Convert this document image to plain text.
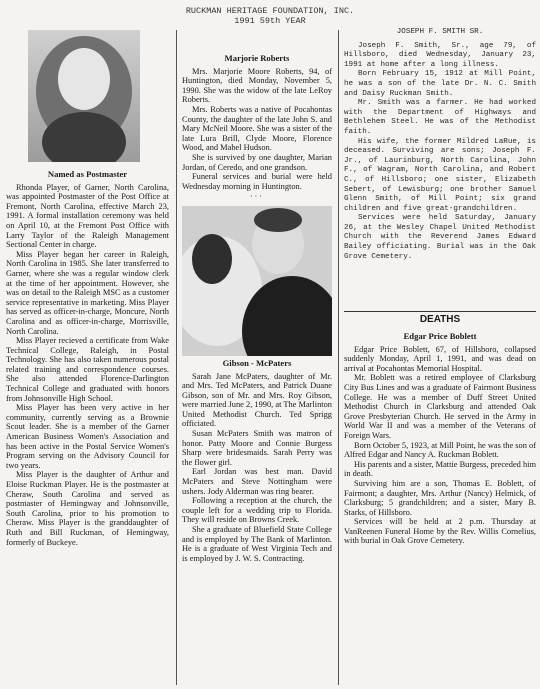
RUCKMAN HERITAGE FOUNDATION, INC.
1991 59th YEAR
Named as Postmaster

Rhonda Player, of Garner, North Carolina, was appointed Postmaster of the Post Office at Fremont, North Carolina, effective March 23, 1991. A formal installation ceremony was held on April 10, at the Fremont Post Office with Larry Taylor of the Raleigh Management Sectional Center in charge.

Miss Player began her career in Raleigh, North Carolina in 1985. She later transferred to Garner, where she was a regular window clerk at the time of her appointment. However, she was on detail to the Raleigh MSC as a customer service representative in marketing. Miss Player has served as officer-in-charge, Moncure, North Carolina and as officer-in-charge, Morrisville, North Carolina.

Miss Player recieved a certificate from Wake Technical College, Raleigh, in Postal Technology. She has also taken numerous postal related training and correspondence courses. She also attended Florence-Darlington Technical College and graduated with honors from Johnsonville High School.

Miss Player has been very active in her community, currently serving as a Brownie Scout leader. She is a member of the Garner American Business Women's Association and has been active in the Postal Service Women's Program serving on the Advisory Council for two years.

Miss Player is the daughter of Arthur and Eloise Ruckman Player. He is the postmaster at Cheraw, South Carolina and served as postmaster of Hemingway and Johnsonville, South Carolina, prior to his promotion to Cheraw. Miss Player is the granddaughter of Ruth and Bill Ruckman, of Hemingway, formerly of Buckeye.

Marjorie Roberts

Mrs. Marjorie Moore Roberts, 94, of Huntington, died Monday, November 5, 1990. She was the widow of the late LeRoy Roberts.

Mrs. Roberts was a native of Pocahontas County, the daughter of the late John S. and Mary McNeil Moore. She was a sister of the late Lura Brill, Clyde Moore, Florence Wood, and Mabel Hudson.

She is survived by one daughter, Marian Jordan, of Ceredo, and one grandson.

Funeral services and burial were held Wednesday morning in Huntington.

···
Gibson - McPaters

Sarah Jane McPaters, daughter of Mr. and Mrs. Ted McPaters, and Patrick Duane Gibson, son of Mr. and Mrs. Roy Gibson, were married June 2, 1990, at The Marlinton United Methodist Church. Ted Sprigg officiated.

Susan McPaters Smith was matron of honor. Patty Moore and Connie Burgess Sharp were bridesmaids. Sarah Perry was the flower girl.

Earl Jordan was best man. David McPaters and Steve Nottingham were ushers. Jody Alderman was ring bearer.

Following a reception at the church, the couple left for a wedding trip to Florida. They will reside on Browns Creek.

She a graduate of Bluefield State College and is employed by The Bank of Marlinton. He is a graduate of West Virginia Tech and is employed by J. W. S. Contracting.

JOSEPH F. SMITH SR.

Joseph F. Smith, Sr., age 79, of Hillsboro, died Wednesday, January 23, 1991 at home after a long illness.

Born February 15, 1912 at Mill Point, he was a son of the late Dr. N. C. Smith and Daisy Ruckman Smith.

Mr. Smith was a farmer. He had worked with the Department of Highways and Bethlehem Steel. He was of the Methodist faith.

His wife, the former Mildred LaRue, is deceased. Surviving are sons; Joseph F. Jr., of Laurinburg, North Carolina, John F., of Wagram, North Carolina, and Robert C., of Hillsboro; one sister, Elizabeth Sebert, of Lewisburg; one brother Samuel Glenn Smith, of Mill Point; six grand children and five great-grandchildren.

Services were held Saturday, January 26, at the Wesley Chapel United Methodist Church with the Reverend James Edward Bailey officiating. Burial was in the Oak Grove Cemetery.

DEATHS
Edgar Price Boblett

Edgar Price Boblett, 67, of Hillsboro, collapsed suddenly Monday, April 1, 1991, and was dead on arrival at Pocahontas Memorial Hospital.

Mr. Boblett was a retired employee of Clarksburg City Bus Lines and was a graduate of Fairmont Business College. He was a member of Duff Street United Methodist Church in Clarksburg and attended Oak Grove Presbyterian Church. He served in the Army in World War II and was a member of the Veterans of Foreign Wars.

Born October 5, 1923, at Mill Point, he was the son of Alfred Edgar and Nancy A. Ruckman Boblett.

His parents and a sister, Mattie Burgess, preceded him in death.

Surviving him are a son, Thomas E. Boblett, of Fairmont; a daughter, Mrs. Arthur (Nancy) Helmick, of Clarksburg; 5 grandchildren; and a sister, Mary B. Starks, of Hillsboro.

Services will be held at 2 p.m. Thursday at VanReenen Funeral Home by the Rev. Willis Cornelius, with burial in Oak Grove Cemetery.
